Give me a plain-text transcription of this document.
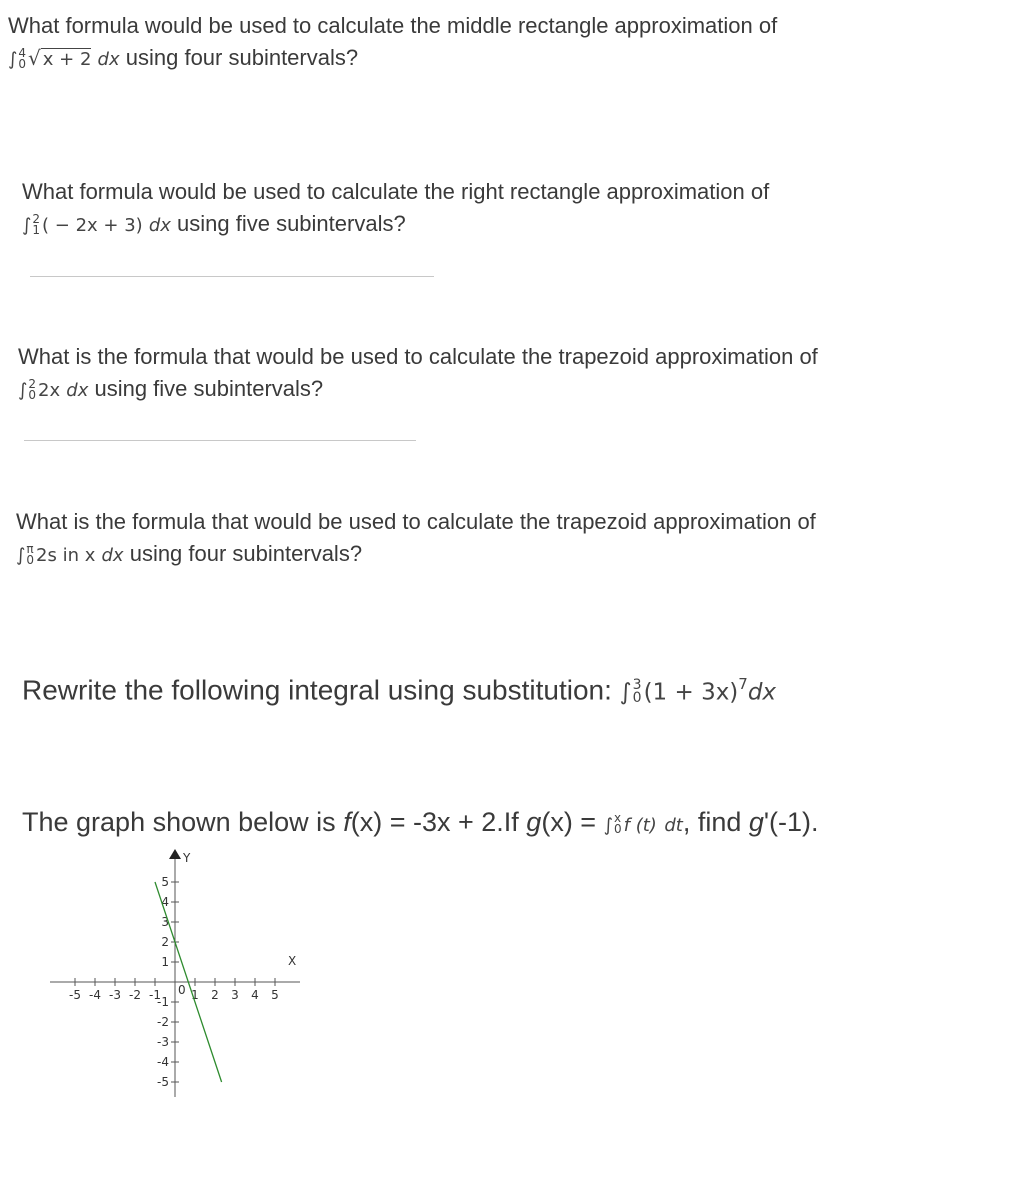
What formula would be used to calculate the middle rectangle approximation of
∫ 4
0 √ x + 2 dx using four subintervals?
What formula would be used to calculate the right rectangle approximation of
∫ 2
1 ( − 2x + 3) dx using five subintervals?
What is the formula that would be used to calculate the trapezoid approximation of
∫ 2
0 2x dx using five subintervals?
What is the formula that would be used to calculate the trapezoid approximation of
∫ π
0 2s in x dx using four subintervals?
Rewrite the following integral using substitution: ∫ 3
0 $(1 + 3x)^7dx$
The graph shown below is f(x) = -3x + 2.If g(x) = ∫ x
0 f (t) dt, find g'(-1).
Y
X
-5 -4 -3 -2 -1	1 2 3 4 5
5
4
3
2
1
-1
-2
-3
-4
-5
0
